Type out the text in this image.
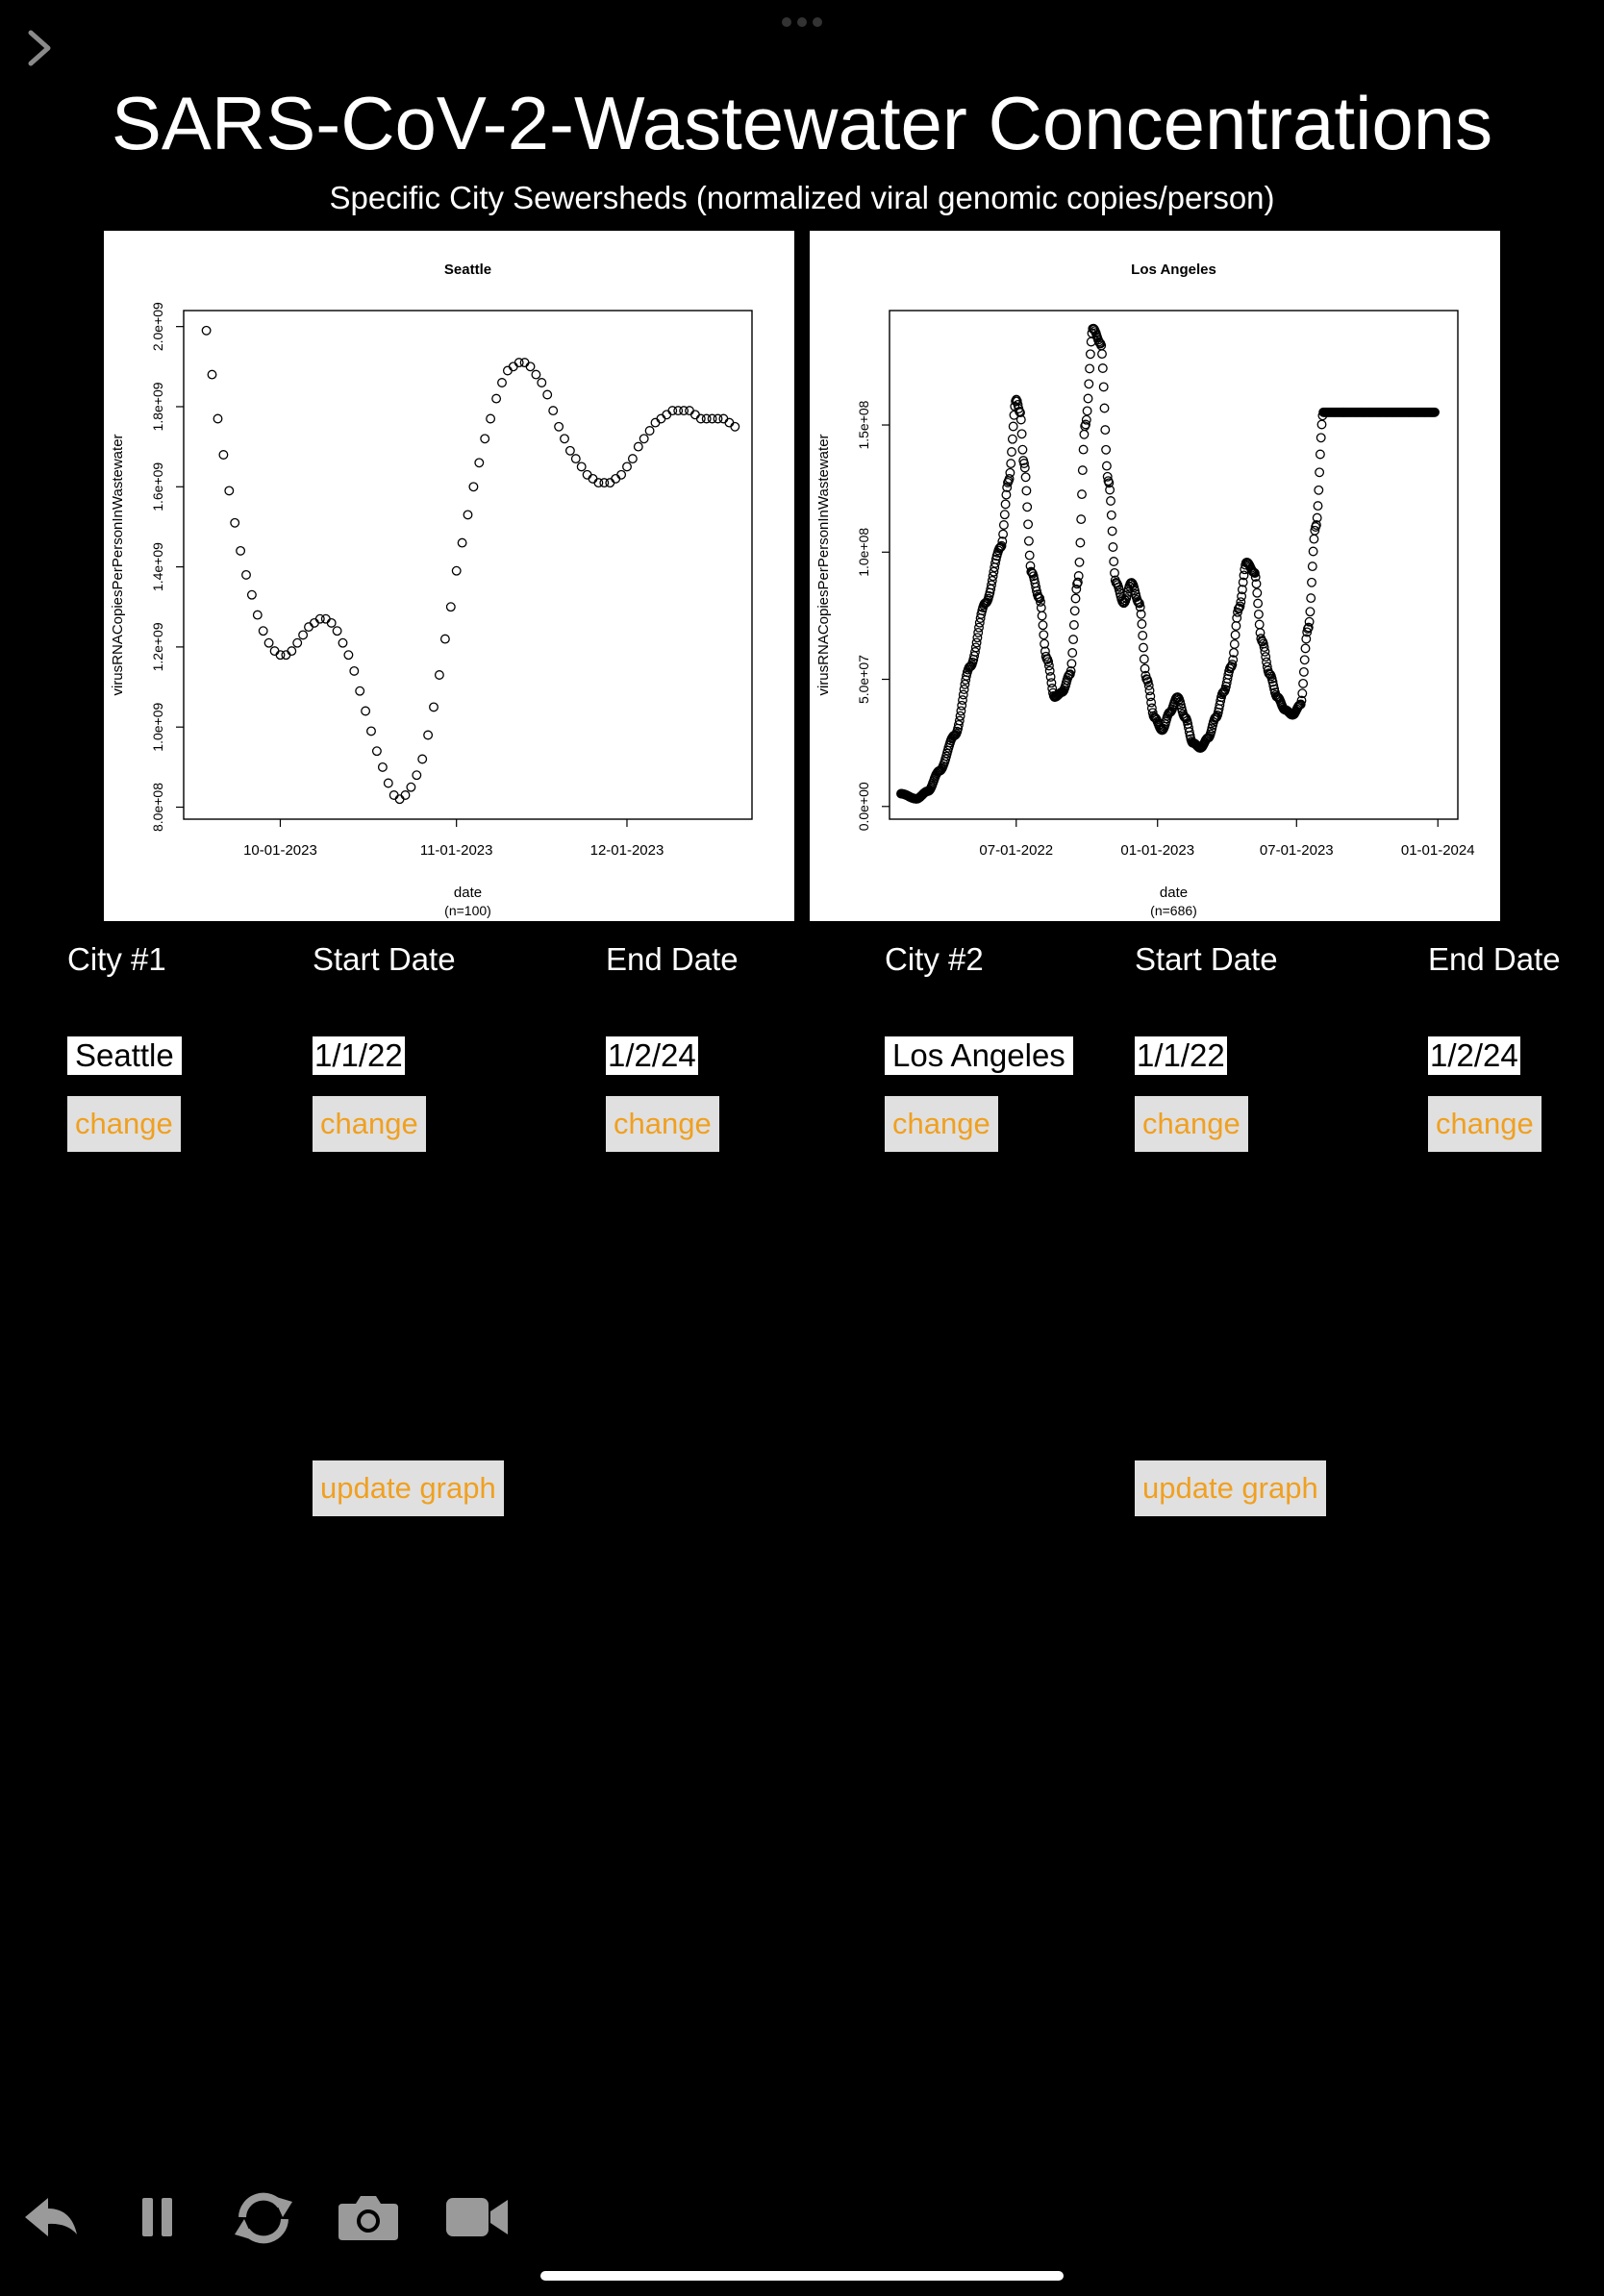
SARS-CoV-2-Wastewater Concentrations
Specific City Sewersheds (normalized viral genomic copies/person)
Seattle
10-01-2023	11-01-2023	12-01-2023
8.0e+08
1.0e+09
1.2e+09
1.4e+09
1.6e+09
1.8e+09
2.0e+09
date
(n=100)
virusRNACopiesPerPersonInWastewater
Los Angeles
07-01-2022	01-01-2023	07-01-2023	01-01-2024
0.0e+00
5.0e+07
1.0e+08
1.5e+08
date
(n=686)
virusRNACopiesPerPersonInWastewater
City #1	Start Date	End Date
Seattle	1/1/22	1/2/24
change	change	change
update graph
City #2	Start Date	End Date
Los Angeles 1/1/22	1/2/24
change	change	change
update graph
